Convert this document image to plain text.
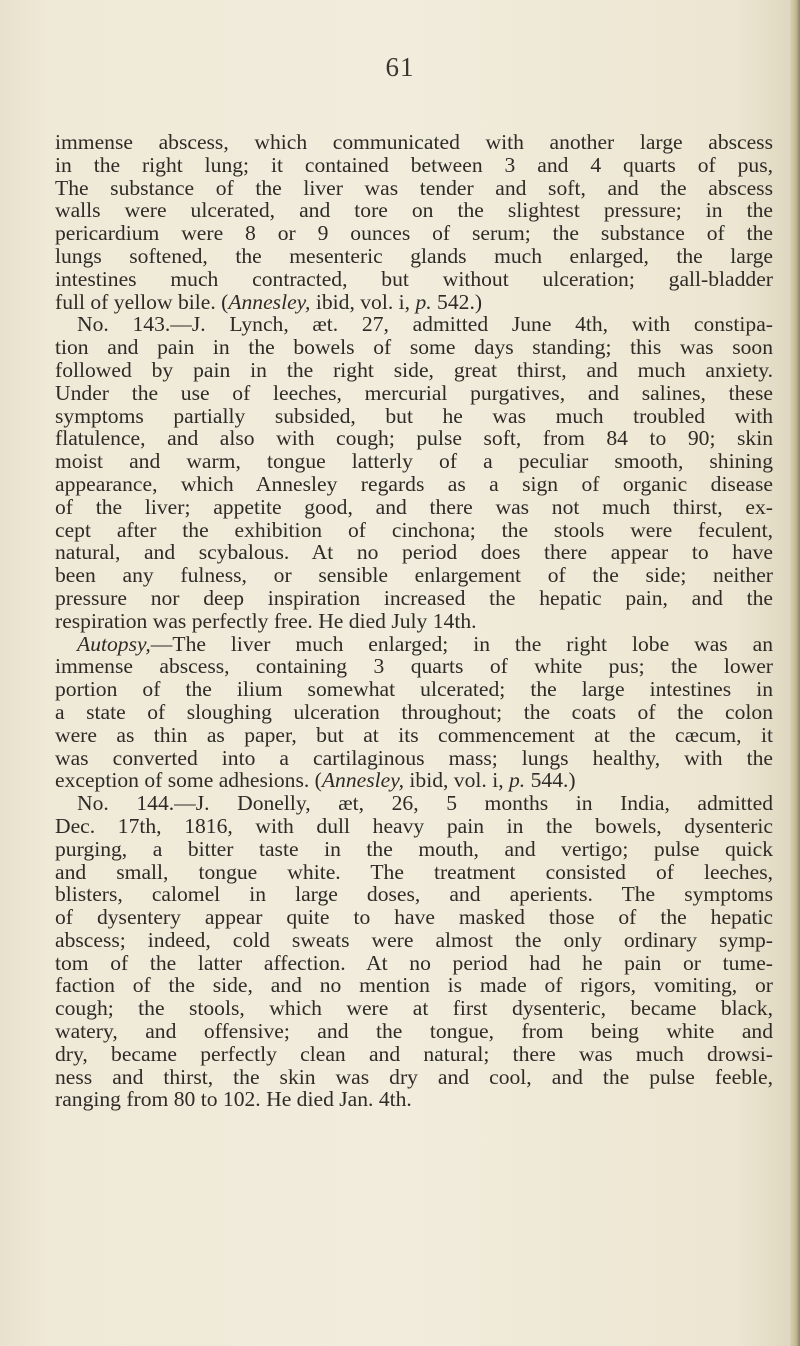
61

immense abscess, which communicated with another large abscess
in the right lung; it contained between 3 and 4 quarts of pus,
The substance of the liver was tender and soft, and the abscess
walls were ulcerated, and tore on the slightest pressure; in the
pericardium were 8 or 9 ounces of serum; the substance of the
lungs softened, the mesenteric glands much enlarged, the large
intestines much contracted, but without ulceration; gall-bladder
full of yellow bile. (Annesley, ibid, vol. i, p. 542.)

No. 143.—J. Lynch, æt. 27, admitted June 4th, with constipa-
tion and pain in the bowels of some days standing; this was soon
followed by pain in the right side, great thirst, and much anxiety.
Under the use of leeches, mercurial purgatives, and salines, these
symptoms partially subsided, but he was much troubled with
flatulence, and also with cough; pulse soft, from 84 to 90; skin
moist and warm, tongue latterly of a peculiar smooth, shining
appearance, which Annesley regards as a sign of organic disease
of the liver; appetite good, and there was not much thirst, ex-
cept after the exhibition of cinchona; the stools were feculent,
natural, and scybalous. At no period does there appear to have
been any fulness, or sensible enlargement of the side; neither
pressure nor deep inspiration increased the hepatic pain, and the
respiration was perfectly free. He died July 14th.

Autopsy,—The liver much enlarged; in the right lobe was an
immense abscess, containing 3 quarts of white pus; the lower
portion of the ilium somewhat ulcerated; the large intestines in
a state of sloughing ulceration throughout; the coats of the colon
were as thin as paper, but at its commencement at the cæcum, it
was converted into a cartilaginous mass; lungs healthy, with the
exception of some adhesions. (Annesley, ibid, vol. i, p. 544.)

No. 144.—J. Donelly, æt, 26, 5 months in India, admitted
Dec. 17th, 1816, with dull heavy pain in the bowels, dysenteric
purging, a bitter taste in the mouth, and vertigo; pulse quick
and small, tongue white. The treatment consisted of leeches,
blisters, calomel in large doses, and aperients. The symptoms
of dysentery appear quite to have masked those of the hepatic
abscess; indeed, cold sweats were almost the only ordinary symp-
tom of the latter affection. At no period had he pain or tume-
faction of the side, and no mention is made of rigors, vomiting, or
cough; the stools, which were at first dysenteric, became black,
watery, and offensive; and the tongue, from being white and
dry, became perfectly clean and natural; there was much drowsi-
ness and thirst, the skin was dry and cool, and the pulse feeble,
ranging from 80 to 102. He died Jan. 4th.
